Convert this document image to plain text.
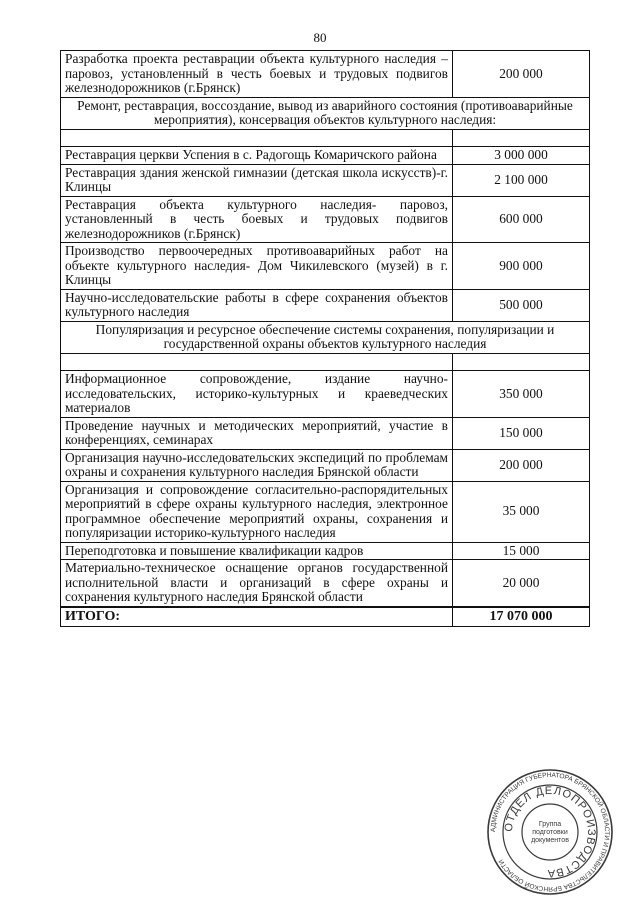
80
Разработка проекта реставрации объекта культурного наследия –паровоз, установленный в честь боевых и трудовых подвигов железнодорожников (г.Брянск)	200 000
Ремонт, реставрация, воссоздание, вывод из аварийного состояния (противоаварийные мероприятия), консервация объектов культурного наследия:	

Реставрация церкви Успения в с. Радогощь Комаричского района	3 000 000
Реставрация здания женской гимназии (детская школа искусств)-г. Клинцы	2 100 000
Реставрация объекта культурного наследия- паровоз, установленный в честь боевых и трудовых подвигов железнодорожников (г.Брянск)	600 000
Производство первоочередных противоаварийных работ на объекте культурного наследия- Дом Чикилевского (музей) в г. Клинцы	900 000
Научно-исследовательские работы в сфере сохранения объектов культурного наследия	500 000
Популяризация и ресурсное обеспечение системы сохранения, популяризации и государственной охраны объектов культурного наследия	

Информационное сопровождение, издание научно-исследовательских, историко-культурных и краеведческих материалов	350 000
Проведение научных и методических мероприятий, участие в конференциях, семинарах	150 000
Организация научно-исследовательских экспедиций по проблемам охраны и сохранения культурного наследия Брянской области	200 000
Организация и сопровождение согласительно-распорядительных мероприятий в сфере охраны культурного наследия, электронное программное обеспечение мероприятий охраны, сохранения и популяризации историко-культурного наследия	35 000
Переподготовка и повышение квалификации кадров	15 000
Материально-техническое оснащение органов государственной исполнительной власти и организаций в сфере охраны и сохранения культурного наследия Брянской области	20 000
ИТОГО:	17 070 000
АДМИНИСТРАЦИЯ ГУБЕРНАТОРА БРЯНСКОЙ ОБЛАСТИ И ПРАВИТЕЛЬСТВА БРЯНСКОЙ ОБЛАСТИ
ОТДЕЛ ДЕЛОПРОИЗВОДСТВА
Группа
подготовки
документов
